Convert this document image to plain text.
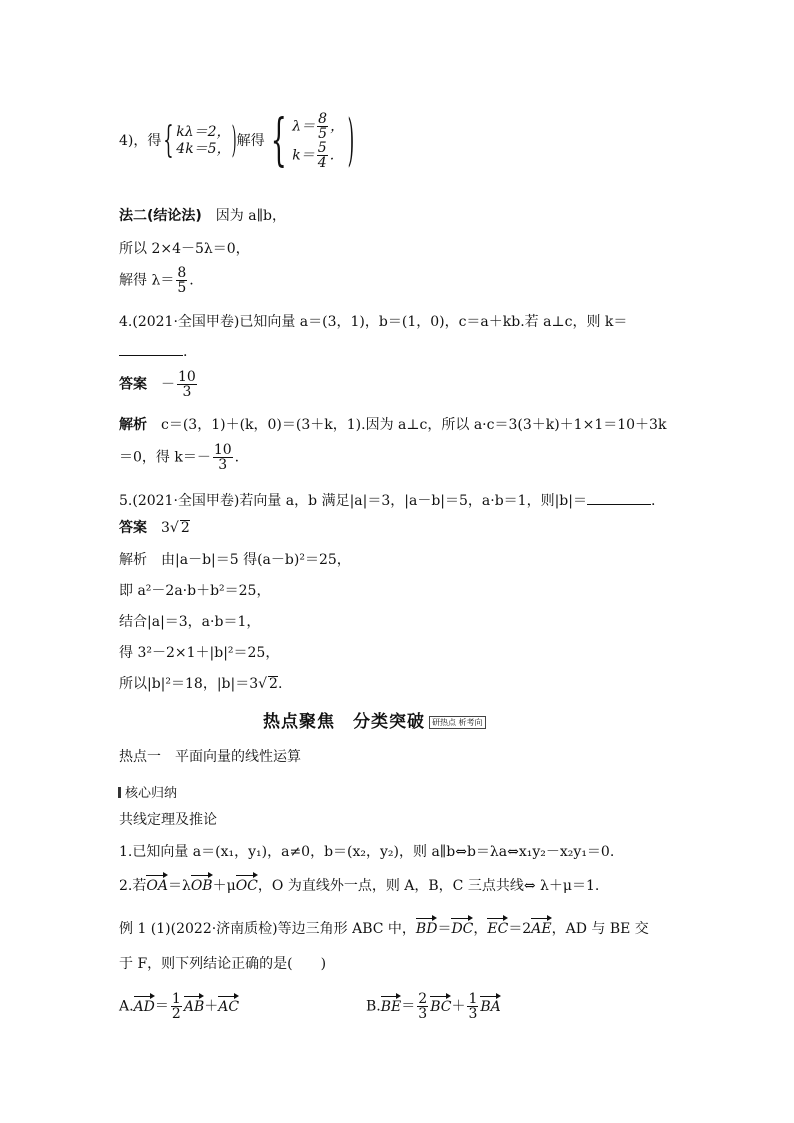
4)，得{ kλ＝2，
4k＝5， )解得 { $\lambda= \frac{8}{5}$ ，
$k= \frac{5}{4}$ . )
法二(结论法)　 因为 a∥b，
所以 2×4－5λ＝0，
解得 $\lambda= \frac{8}{5}$ .
4.(2021·全国甲卷)已知向量 a＝(3，1)，b＝(1，0)，c＝a＋kb.若 a⊥c，则 k＝
.
答案　 － $\frac{10}{3}$
解析　 c＝(3，1)＋(k，0)＝(3＋k，1).因为 a⊥c，所以 a·c＝3(3＋k)＋1×1＝10＋3k
＝0，得 $k=- \frac{10}{3}$ .
5.(2021·全国甲卷)若向量 a，b 满足|a|＝3，|a－b|＝5，a·b＝1，则|b|＝	.
答案　 3√ 2
解析　由|a－b|＝5 得(a－b)²＝25，
即 a²－2a·b＋b²＝25，
结合|a|＝3，a·b＝1，
得 3²－2×1＋|b|²＝25，
所以|b|²＝18，|b|＝3√ 2.
热点聚焦　分类突破 研热点 析考向
热点一　平面向量的线性运算
核心归纳
共线定理及推论
1.已知向量 a＝(x₁，y₁)，a≠0，b＝(x₂，y₂)，则 a∥b⇔b＝λa⇔x₁y₂－x₂y₁＝0.
2.若OA＝λOB＋μOC，O 为直线外一点，则 A，B，C 三点共线⇔ λ＋μ＝1.
例 1 (1)(2022·济南质检)等边三角形 ABC 中，BD＝DC，EC＝2AE，AD 与 BE 交
于 F，则下列结论正确的是(　　)
$A.AD= \frac{1}{2} AB+AC$	$B.BE= \frac{2}{3} BC+ \frac{1}{3}$ BA
